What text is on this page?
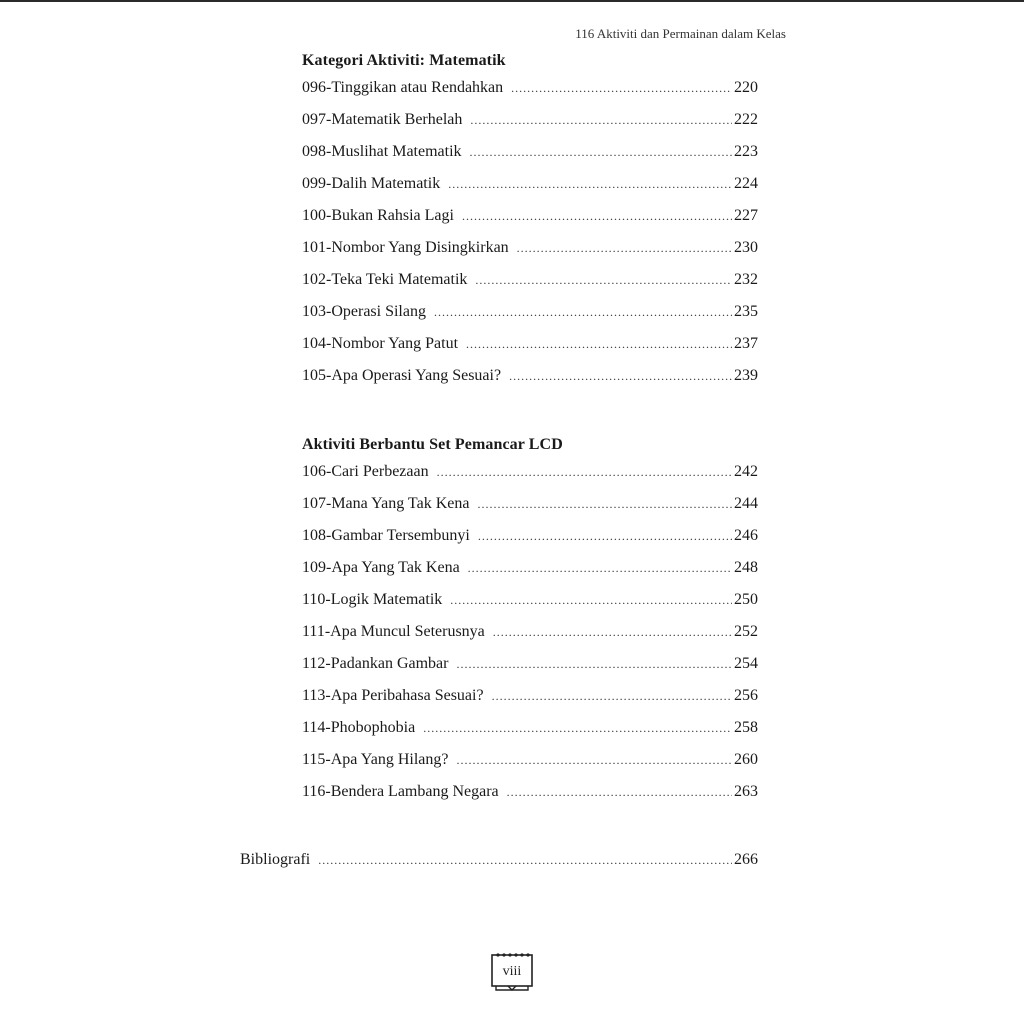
116 Aktiviti dan Permainan dalam Kelas
Kategori Aktiviti: Matematik
096-Tinggikan atau Rendahkan .....	220
097-Matematik Berhelah .....	222
098-Muslihat Matematik .....	223
099-Dalih Matematik .....	224
100-Bukan Rahsia Lagi .....	227
101-Nombor Yang Disingkirkan .....	230
102-Teka Teki Matematik .....	232
103-Operasi Silang .....	235
104-Nombor Yang Patut .....	237
105-Apa Operasi Yang Sesuai? .....	239
Aktiviti Berbantu Set Pemancar LCD
106-Cari Perbezaan .....	242
107-Mana Yang Tak Kena .....	244
108-Gambar Tersembunyi .....	246
109-Apa Yang Tak Kena .....	248
110-Logik Matematik .....	250
111-Apa Muncul Seterusnya .....	252
112-Padankan Gambar .....	254
113-Apa Peribahasa Sesuai? .....	256
114-Phobophobia .....	258
115-Apa Yang Hilang? .....	260
116-Bendera Lambang Negara .....	263
Bibliografi .....	266
viii
